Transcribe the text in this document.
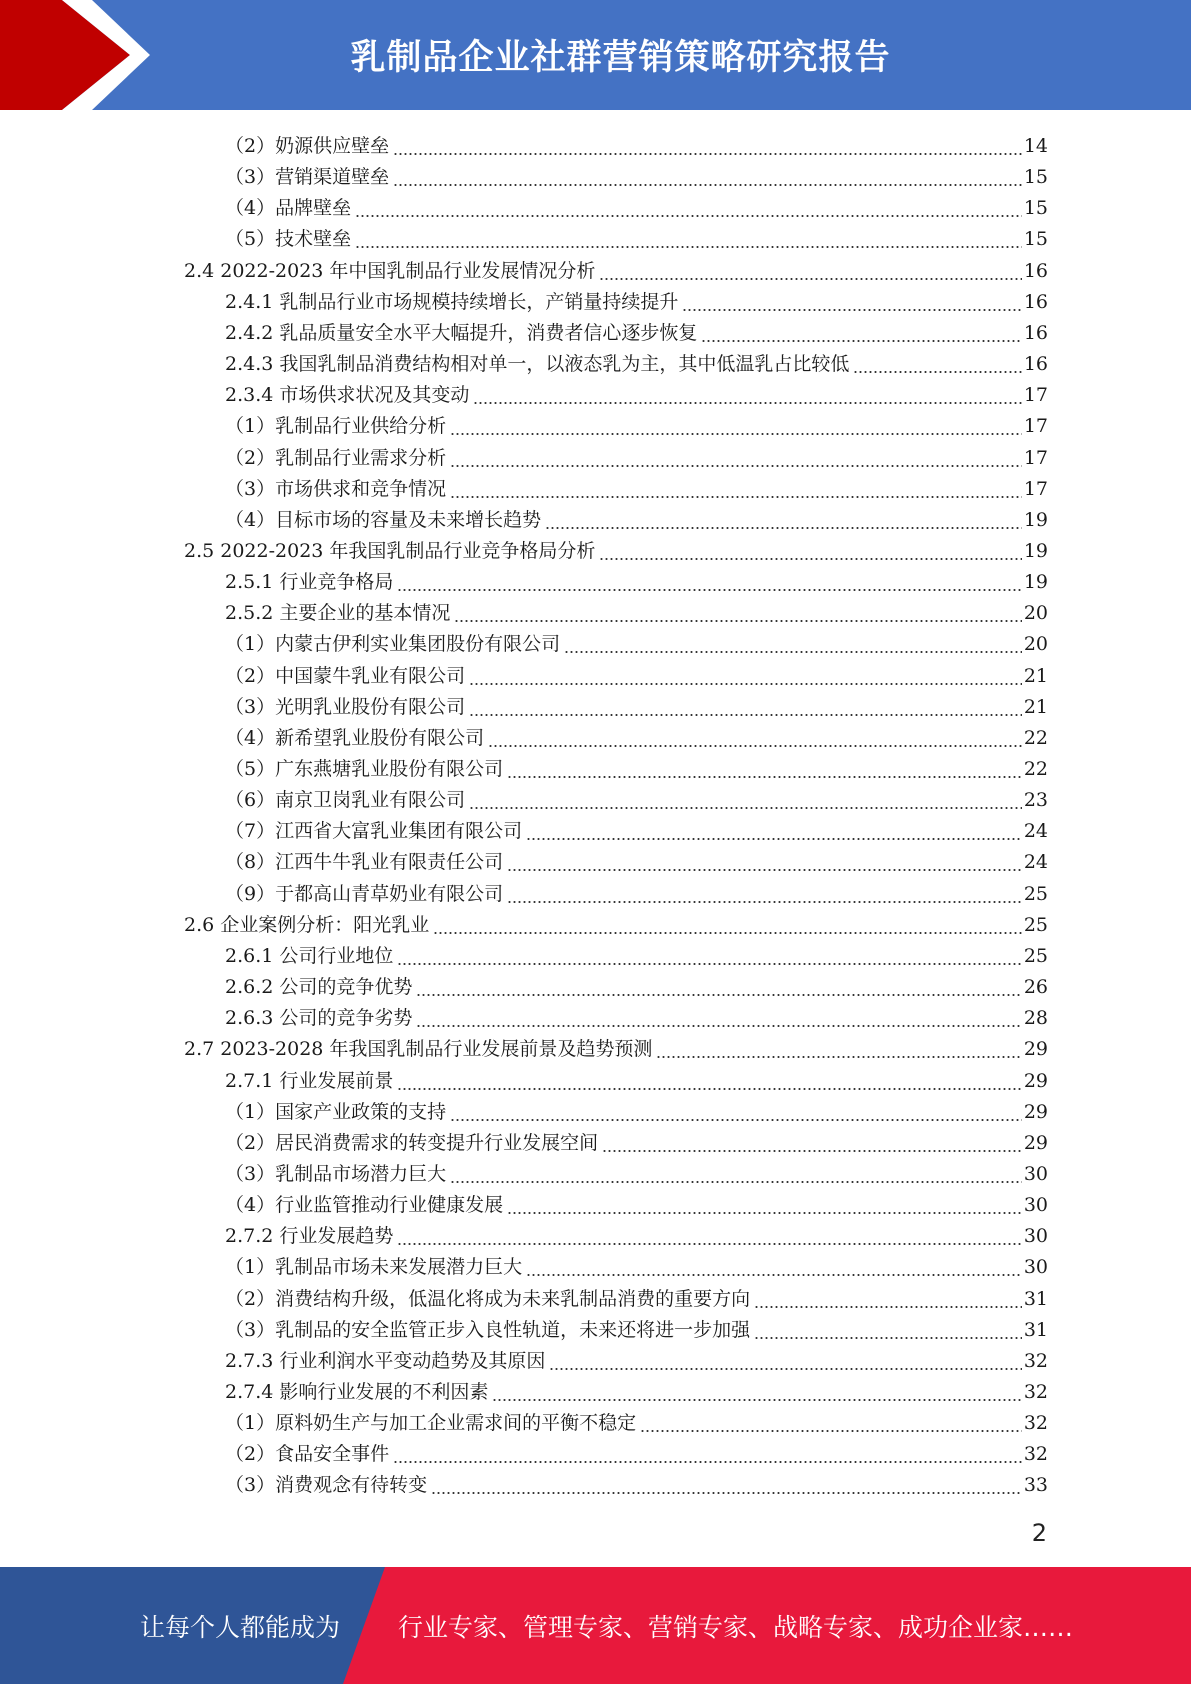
乳制品企业社群营销策略研究报告
（2）奶源供应壁垒	14
（3）营销渠道壁垒	15
（4）品牌壁垒	15
（5）技术壁垒	15
2.4 2022-2023 年中国乳制品行业发展情况分析	16
2.4.1 乳制品行业市场规模持续增长，产销量持续提升	16
2.4.2 乳品质量安全水平大幅提升，消费者信心逐步恢复	16
2.4.3 我国乳制品消费结构相对单一，以液态乳为主，其中低温乳占比较低	16
2.3.4 市场供求状况及其变动	17
（1）乳制品行业供给分析	17
（2）乳制品行业需求分析	17
（3）市场供求和竞争情况	17
（4）目标市场的容量及未来增长趋势	19
2.5 2022-2023 年我国乳制品行业竞争格局分析	19
2.5.1 行业竞争格局	19
2.5.2 主要企业的基本情况	20
（1）内蒙古伊利实业集团股份有限公司	20
（2）中国蒙牛乳业有限公司	21
（3）光明乳业股份有限公司	21
（4）新希望乳业股份有限公司	22
（5）广东燕塘乳业股份有限公司	22
（6）南京卫岗乳业有限公司	23
（7）江西省大富乳业集团有限公司	24
（8）江西牛牛乳业有限责任公司	24
（9）于都高山青草奶业有限公司	25
2.6 企业案例分析：阳光乳业	25
2.6.1 公司行业地位	25
2.6.2 公司的竞争优势	26
2.6.3 公司的竞争劣势	28
2.7 2023-2028 年我国乳制品行业发展前景及趋势预测	29
2.7.1 行业发展前景	29
（1）国家产业政策的支持	29
（2）居民消费需求的转变提升行业发展空间	29
（3）乳制品市场潜力巨大	30
（4）行业监管推动行业健康发展	30
2.7.2 行业发展趋势	30
（1）乳制品市场未来发展潜力巨大	30
（2）消费结构升级，低温化将成为未来乳制品消费的重要方向	31
（3）乳制品的安全监管正步入良性轨道，未来还将进一步加强	31
2.7.3 行业利润水平变动趋势及其原因	32
2.7.4 影响行业发展的不利因素	32
（1）原料奶生产与加工企业需求间的平衡不稳定	32
（2）食品安全事件	32
（3）消费观念有待转变	33
2
让每个人都能成为 行业专家、管理专家、营销专家、战略专家、成功企业家……
